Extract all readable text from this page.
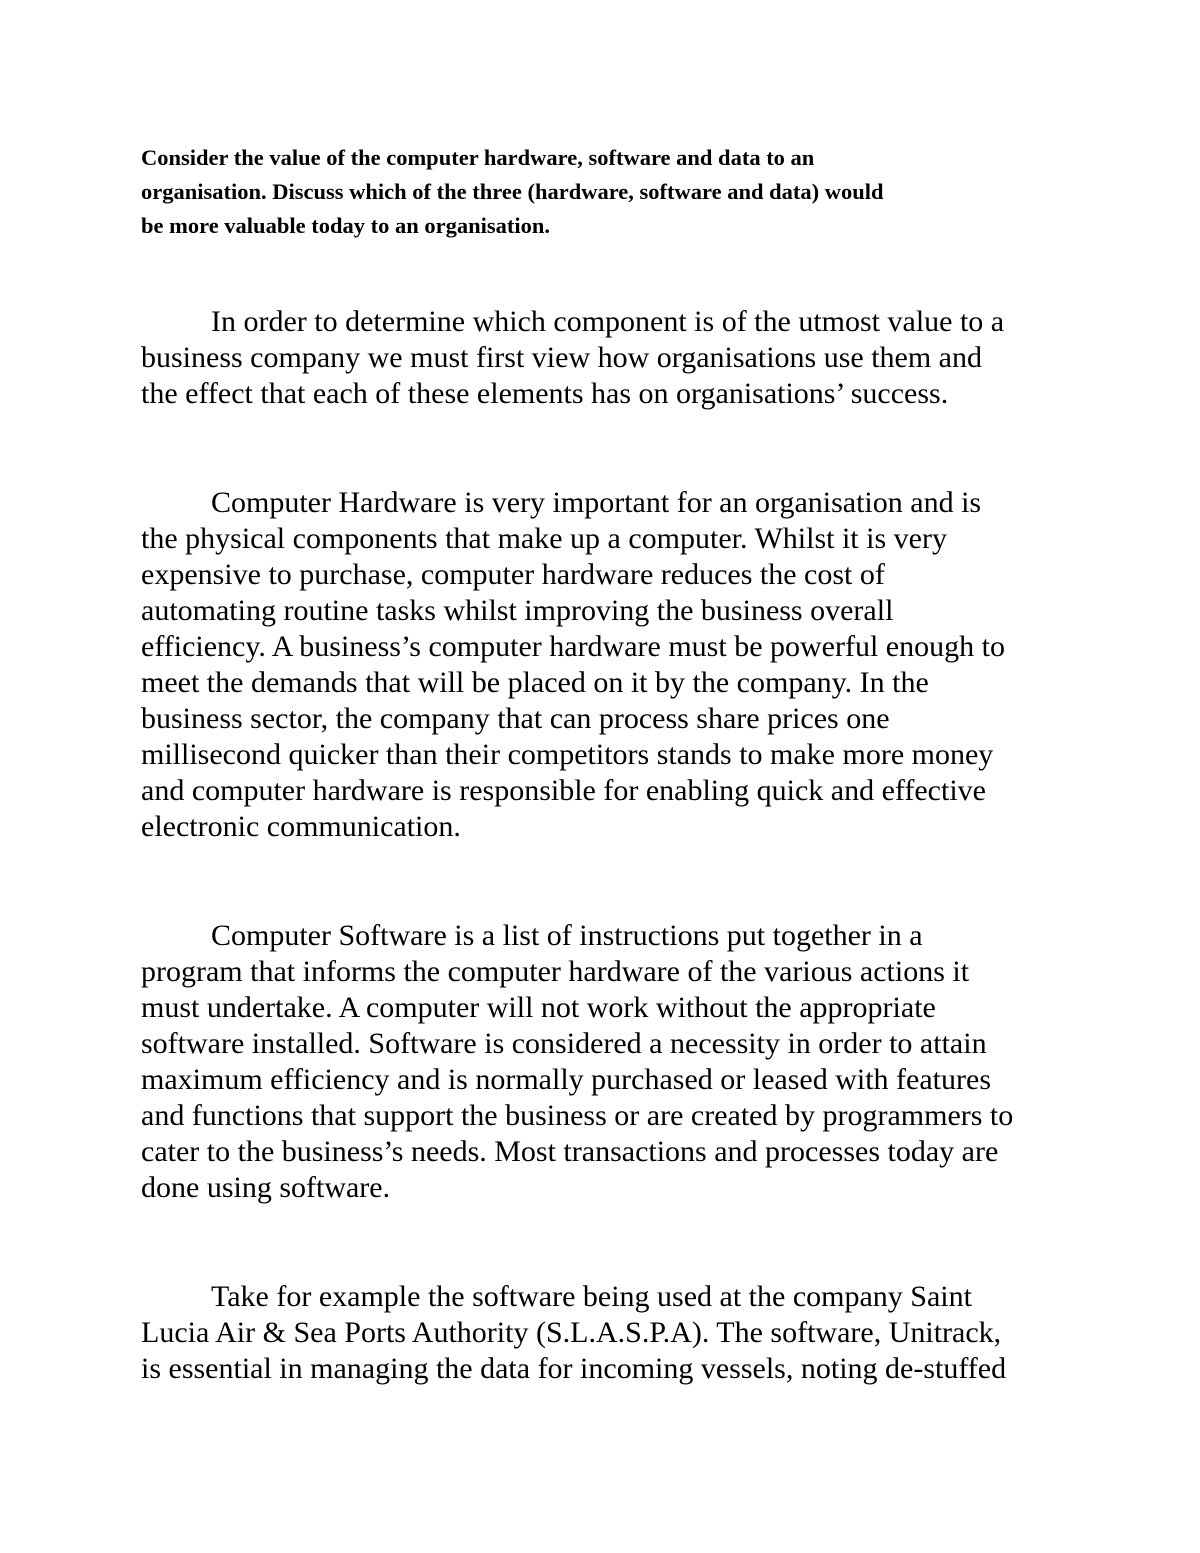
Consider the value of the computer hardware, software and data to an
organisation. Discuss which of the three (hardware, software and data) would
be more valuable today to an organisation.

In order to determine which component is of the utmost value to a
business company we must first view how organisations use them and
the effect that each of these elements has on organisations’ success.

Computer Hardware is very important for an organisation and is
the physical components that make up a computer. Whilst it is very
expensive to purchase, computer hardware reduces the cost of
automating routine tasks whilst improving the business overall
efficiency. A business’s computer hardware must be powerful enough to
meet the demands that will be placed on it by the company. In the
business sector, the company that can process share prices one
millisecond quicker than their competitors stands to make more money
and computer hardware is responsible for enabling quick and effective
electronic communication.

Computer Software is a list of instructions put together in a
program that informs the computer hardware of the various actions it
must undertake. A computer will not work without the appropriate
software installed. Software is considered a necessity in order to attain
maximum efficiency and is normally purchased or leased with features
and functions that support the business or are created by programmers to
cater to the business’s needs. Most transactions and processes today are
done using software.

Take for example the software being used at the company Saint
Lucia Air & Sea Ports Authority (S.L.A.S.P.A). The software, Unitrack,
is essential in managing the data for incoming vessels, noting de-stuffed
